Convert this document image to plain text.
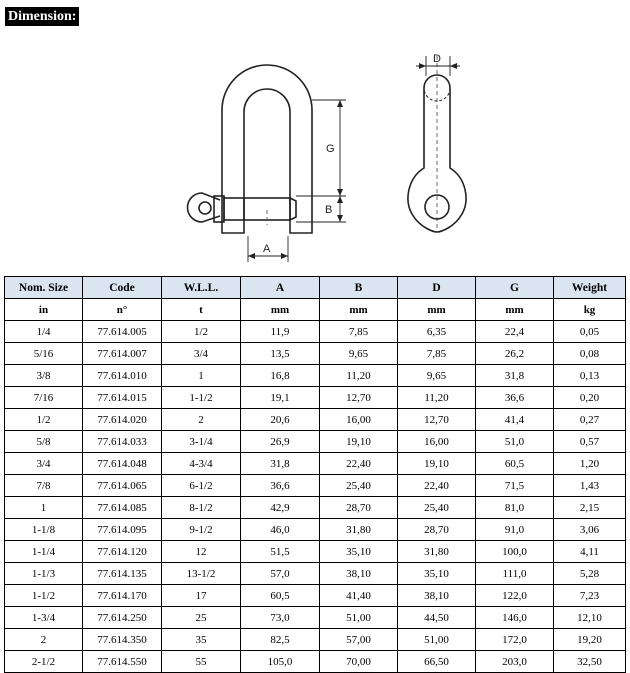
Dimension:
G
B
A
D
Nom. Size	Code	W.L.L.	A	B	D	G	Weight
in	n°	t	mm	mm	mm	mm	kg
1/4	77.614.005	1/2	11,9	7,85	6,35	22,4	0,05
5/16	77.614.007	3/4	13,5	9,65	7,85	26,2	0,08
3/8	77.614.010	1	16,8	11,20	9,65	31,8	0,13
7/16	77.614.015	1-1/2	19,1	12,70	11,20	36,6	0,20
1/2	77.614.020	2	20,6	16,00	12,70	41,4	0,27
5/8	77.614.033	3-1/4	26,9	19,10	16,00	51,0	0,57
3/4	77.614.048	4-3/4	31,8	22,40	19,10	60,5	1,20
7/8	77.614.065	6-1/2	36,6	25,40	22,40	71,5	1,43
1	77.614.085	8-1/2	42,9	28,70	25,40	81,0	2,15
1-1/8	77.614.095	9-1/2	46,0	31,80	28,70	91,0	3,06
1-1/4	77.614.120	12	51,5	35,10	31,80	100,0	4,11
1-1/3	77.614.135	13-1/2	57,0	38,10	35,10	111,0	5,28
1-1/2	77.614.170	17	60,5	41,40	38,10	122,0	7,23
1-3/4	77.614.250	25	73,0	51,00	44,50	146,0	12,10
2	77.614.350	35	82,5	57,00	51,00	172,0	19,20
2-1/2	77.614.550	55	105,0	70,00	66,50	203,0	32,50
